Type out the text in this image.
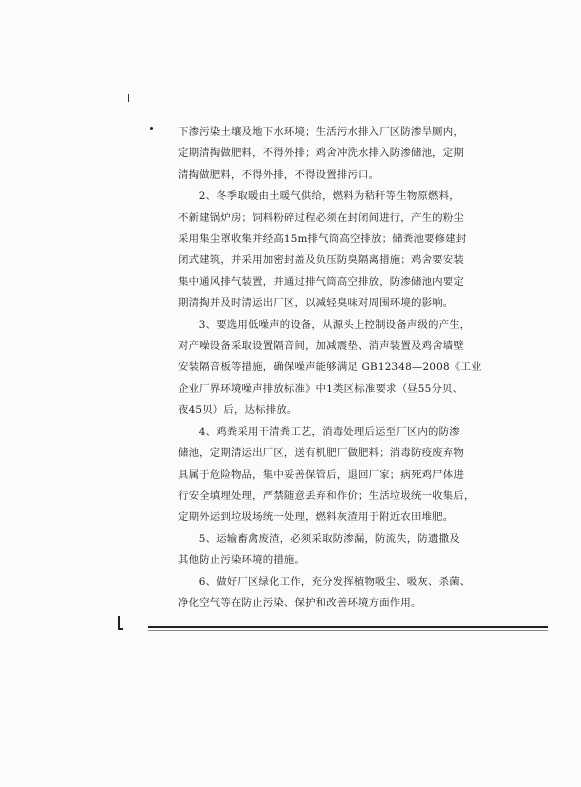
下渗污染土壤及地下水环境；生活污水排入厂区防渗旱厕内，
定期清掏做肥料，不得外排；鸡舍冲洗水排入防渗储池，定期
清掏做肥料，不得外排，不得设置排污口。

2、冬季取暖由土暖气供给，燃料为秸秆等生物原燃料，
不新建锅炉房；饲料粉碎过程必须在封闭间进行，产生的粉尘
采用集尘罩收集并经高15m排气筒高空排放；储粪池要修建封
闭式建筑，并采用加密封盖及负压防臭隔离措施；鸡舍要安装
集中通风排气装置，并通过排气筒高空排放，防渗储池内要定
期清掏并及时清运出厂区，以减轻臭味对周围环境的影响。

3、要选用低噪声的设备，从源头上控制设备声级的产生，
对产噪设备采取设置隔音间，加减震垫、消声装置及鸡舍墙壁
安装隔音板等措施，确保噪声能够满足 GB12348—2008《工业
企业厂界环境噪声排放标准》中1类区标准要求（昼55分贝、
夜45贝）后，达标排放。

4、鸡粪采用干清粪工艺，消毒处理后运至厂区内的防渗
储池，定期清运出厂区，送有机肥厂做肥料；消毒防疫废弃物
具属于危险物品，集中妥善保管后，退回厂家；病死鸡尸体进
行安全填埋处理，严禁随意丢弃和作价；生活垃圾统一收集后，
定期外运到垃圾场统一处理，燃料灰渣用于附近农田堆肥。

5、运输畜禽废渣，必须采取防渗漏，防流失，防遗撒及
其他防止污染环境的措施。

6、做好厂区绿化工作，充分发挥植物吸尘、吸灰、杀菌、
净化空气等在防止污染、保护和改善环境方面作用。
